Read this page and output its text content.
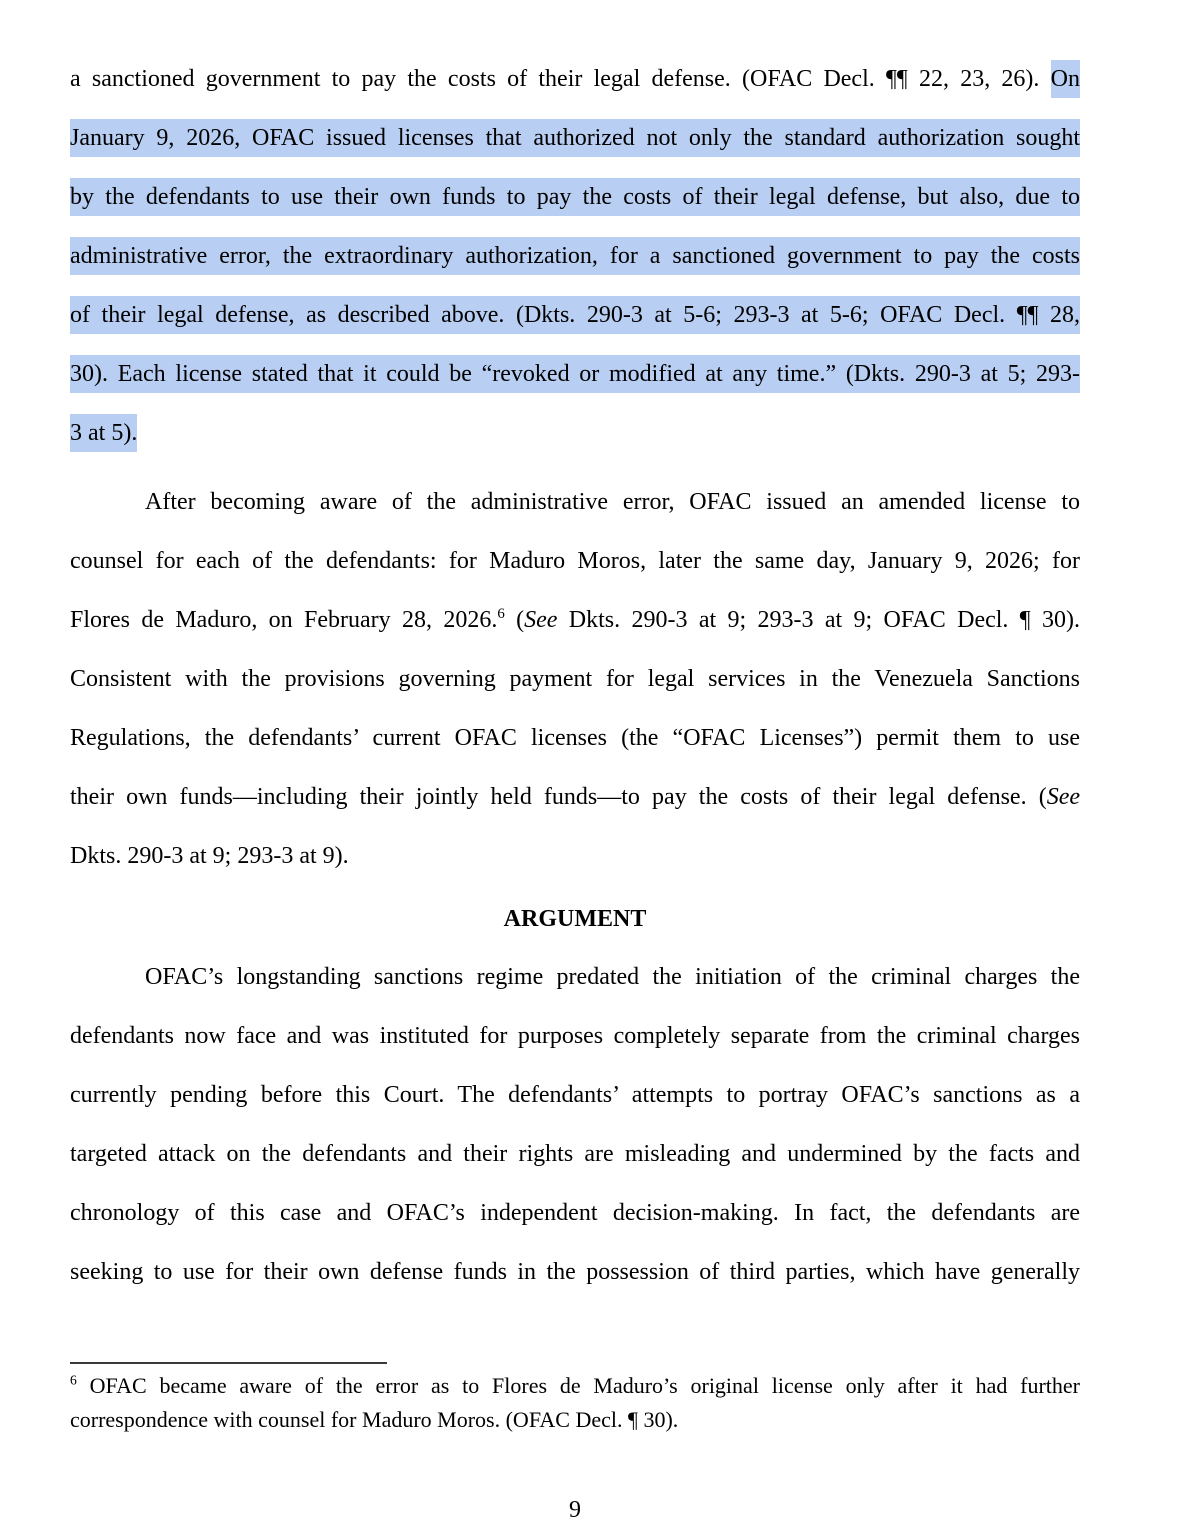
a sanctioned government to pay the costs of their legal defense. (OFAC Decl. ¶¶ 22, 23, 26). On
January 9, 2026, OFAC issued licenses that authorized not only the standard authorization sought
by the defendants to use their own funds to pay the costs of their legal defense, but also, due to
administrative error, the extraordinary authorization, for a sanctioned government to pay the costs
of their legal defense, as described above. (Dkts. 290-3 at 5-6; 293-3 at 5-6; OFAC Decl. ¶¶ 28,
30). Each license stated that it could be “revoked or modified at any time.” (Dkts. 290-3 at 5; 293-
3 at 5).
After becoming aware of the administrative error, OFAC issued an amended license to
counsel for each of the defendants: for Maduro Moros, later the same day, January 9, 2026; for
Flores de Maduro, on February 28, 2026.$^6$ (See Dkts. 290-3 at 9; 293-3 at 9; OFAC Decl. ¶ 30).
Consistent with the provisions governing payment for legal services in the Venezuela Sanctions
Regulations, the defendants’ current OFAC licenses (the “OFAC Licenses”) permit them to use
their own funds—including their jointly held funds—to pay the costs of their legal defense. (See
Dkts. 290-3 at 9; 293-3 at 9).
ARGUMENT
OFAC’s longstanding sanctions regime predated the initiation of the criminal charges the
defendants now face and was instituted for purposes completely separate from the criminal charges
currently pending before this Court. The defendants’ attempts to portray OFAC’s sanctions as a
targeted attack on the defendants and their rights are misleading and undermined by the facts and
chronology of this case and OFAC’s independent decision-making. In fact, the defendants are
seeking to use for their own defense funds in the possession of third parties, which have generally
$^6$ OFAC became aware of the error as to Flores de Maduro’s original license only after it had further
correspondence with counsel for Maduro Moros. (OFAC Decl. ¶ 30).
9
